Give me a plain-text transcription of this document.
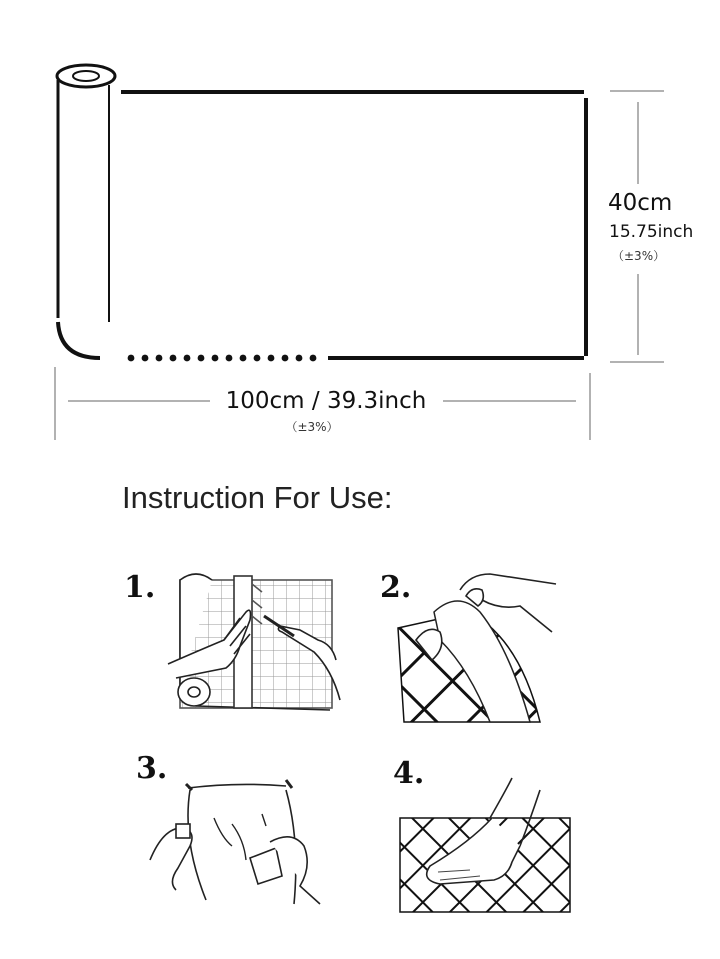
40cm
15.75inch
（±3%）
100cm / 39.3inch
（±3%）
Instruction For Use:
1.	2.
3.	4.
